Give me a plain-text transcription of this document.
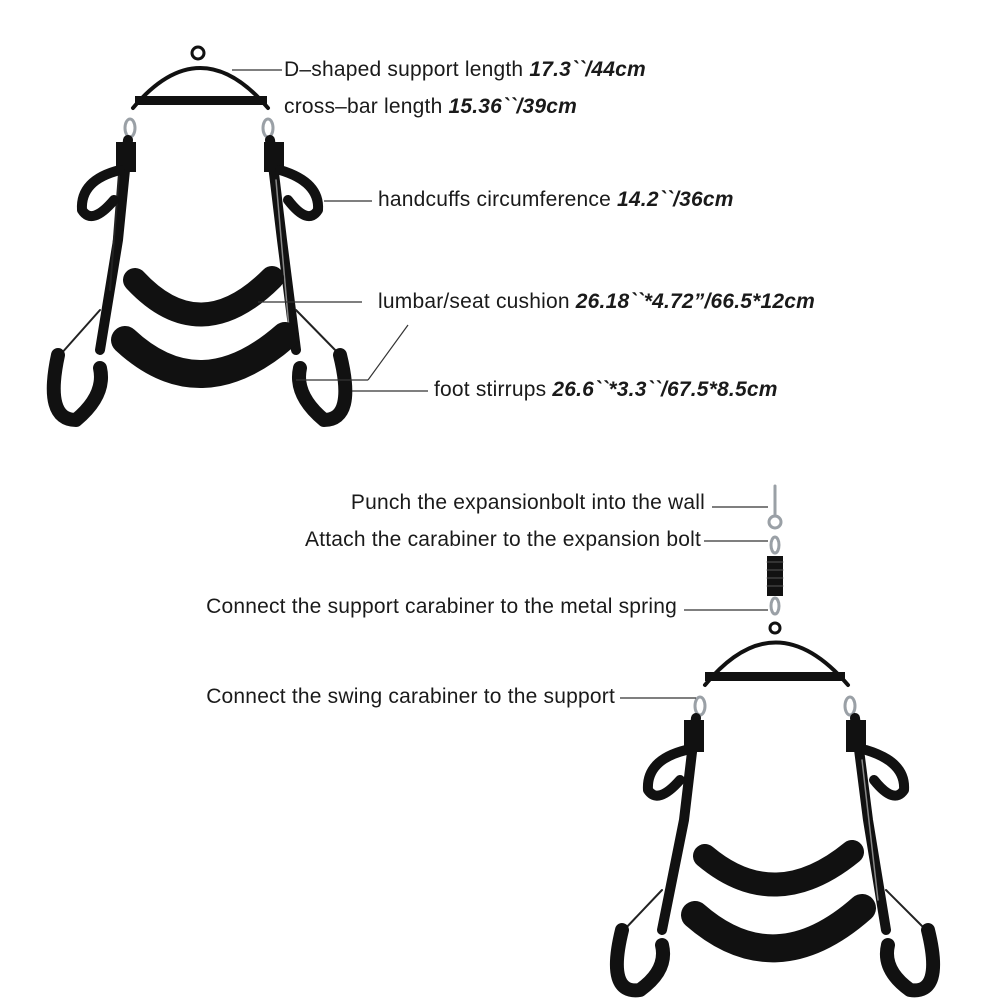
D–shaped support length 17.3``/44cm
cross–bar length 15.36``/39cm
handcuffs circumference 14.2``/36cm
lumbar/seat cushion 26.18``*4.72”/66.5*12cm
foot stirrups 26.6``*3.3``/67.5*8.5cm
Punch the expansionbolt into the wall
Attach the carabiner to the expansion bolt
Connect the support carabiner to the metal spring
Connect the swing carabiner to the support
